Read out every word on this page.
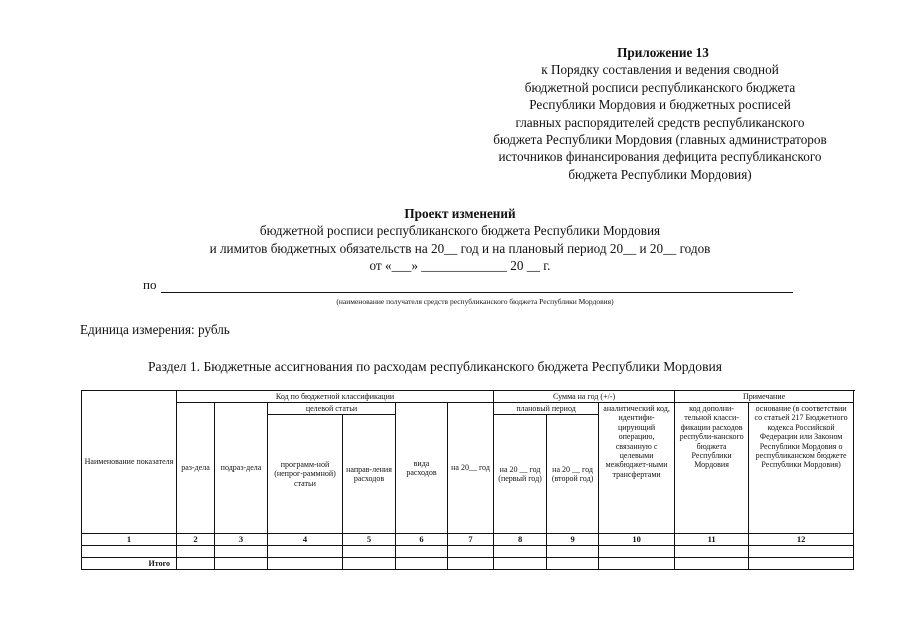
Приложение 13
к Порядку составления и ведения сводной
бюджетной росписи республиканского бюджета
Республики Мордовия и бюджетных росписей
главных распорядителей средств республиканского
бюджета Республики Мордовия (главных администраторов
источников финансирования дефицита республиканского
бюджета Республики Мордовия)
Проект изменений
бюджетной росписи республиканского бюджета Республики Мордовия
и лимитов бюджетных обязательств на 20__ год и на плановый период 20__ и 20__ годов
от «___» _____________ 20 __ г.
по
(наименование получателя средств республиканского бюджета Республики Мордовия)
Единица измерения: рубль
Раздел 1. Бюджетные ассигнования по расходам республиканского бюджета Республики Мордовия
Наименование показателя	Код по бюджетной классификации						Сумма на год (+/-)			Примечание	
	раз-дела	подраз-дела	целевой статьи		вида расходов	на 20__ год	плановый период		аналитический код, идентифи-цирующий операцию, связанную с целевыми межбюджет-ными трансфертами	код дополни-тельной класси-фикации расходов республи-канского бюджета Республики Мордовия	основание (в соответствии со статьей 217 Бюджетного кодекса Российской Федерации или Законом Республики Мордовия о республиканском бюджете Республики Мордовия)
			программ-ной (непрог-раммной) статьи	направ-ления расходов			на 20 __ год (первый год)	на 20 __ год (второй год)			
1	2	3	4	5	6	7	8	9	10	11	12

Итого											
